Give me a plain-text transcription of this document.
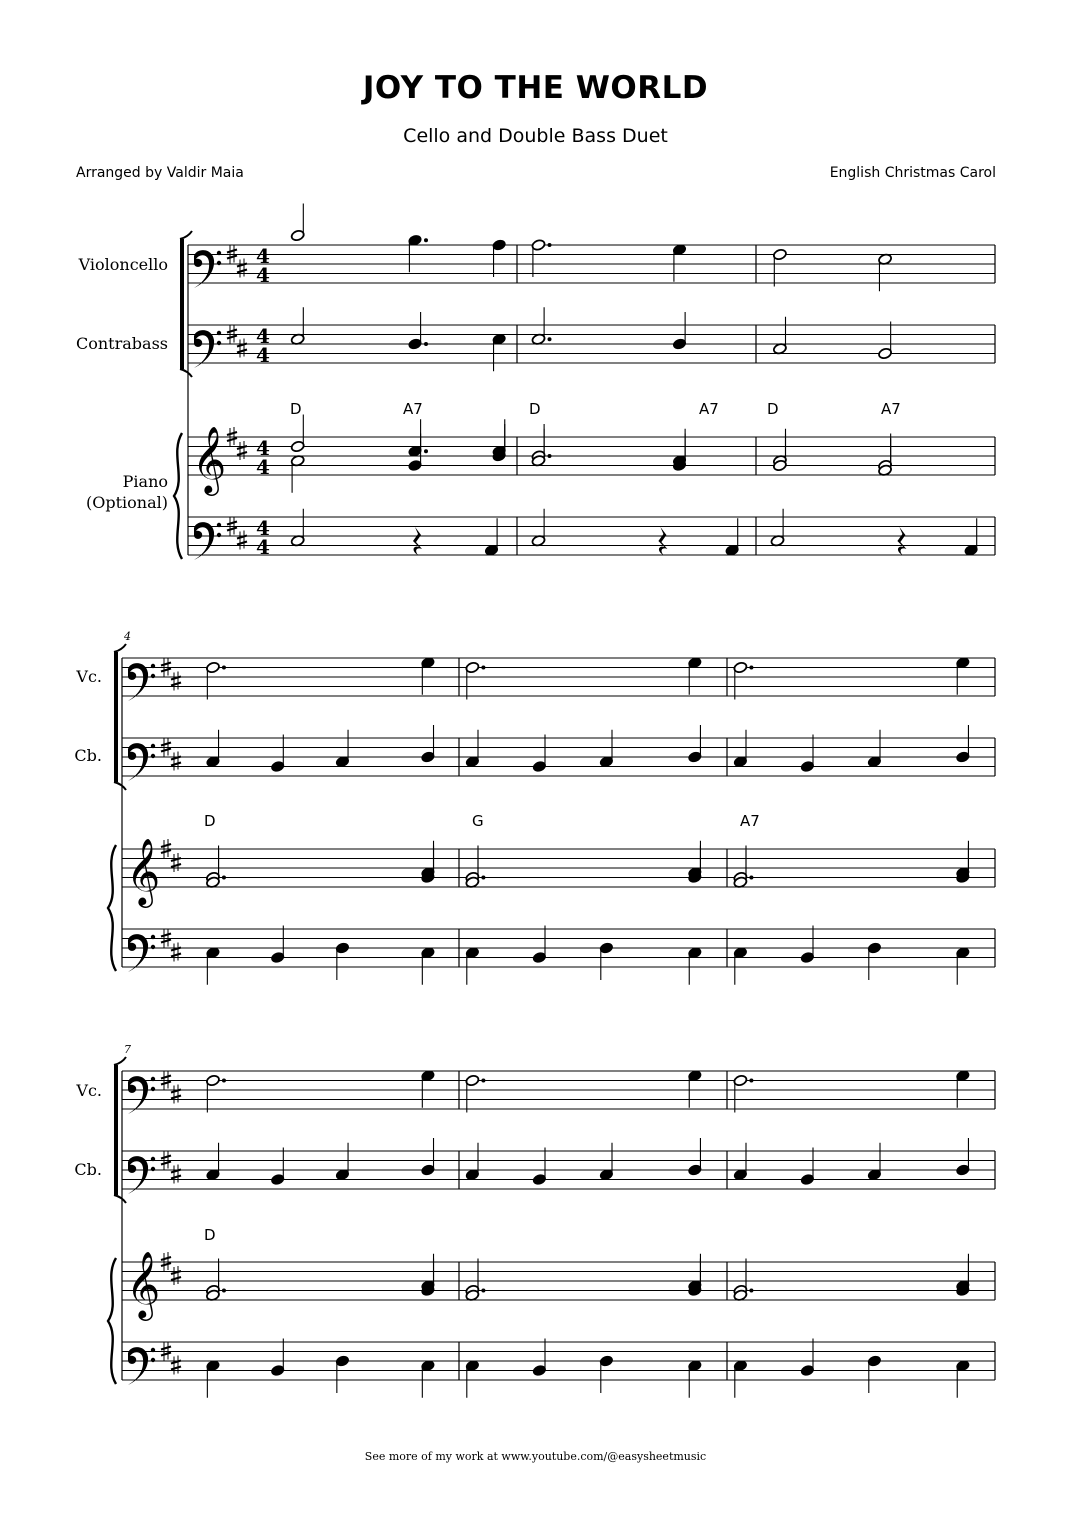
JOY TO THE WORLD
Cello and Double Bass Duet
Arranged by Valdir Maia	English Christmas Carol
Violoncello
Contrabass
Piano
(Optional)
Vc.
Cb.
Vc.
Cb.
D	A7	D	A7	D	A7
D	G	A7
D
4
7
𝄞
4
4
4
4
4
4
4
4
𝄞
𝄞
See more of my work at www.youtube.com/@easysheetmusic
